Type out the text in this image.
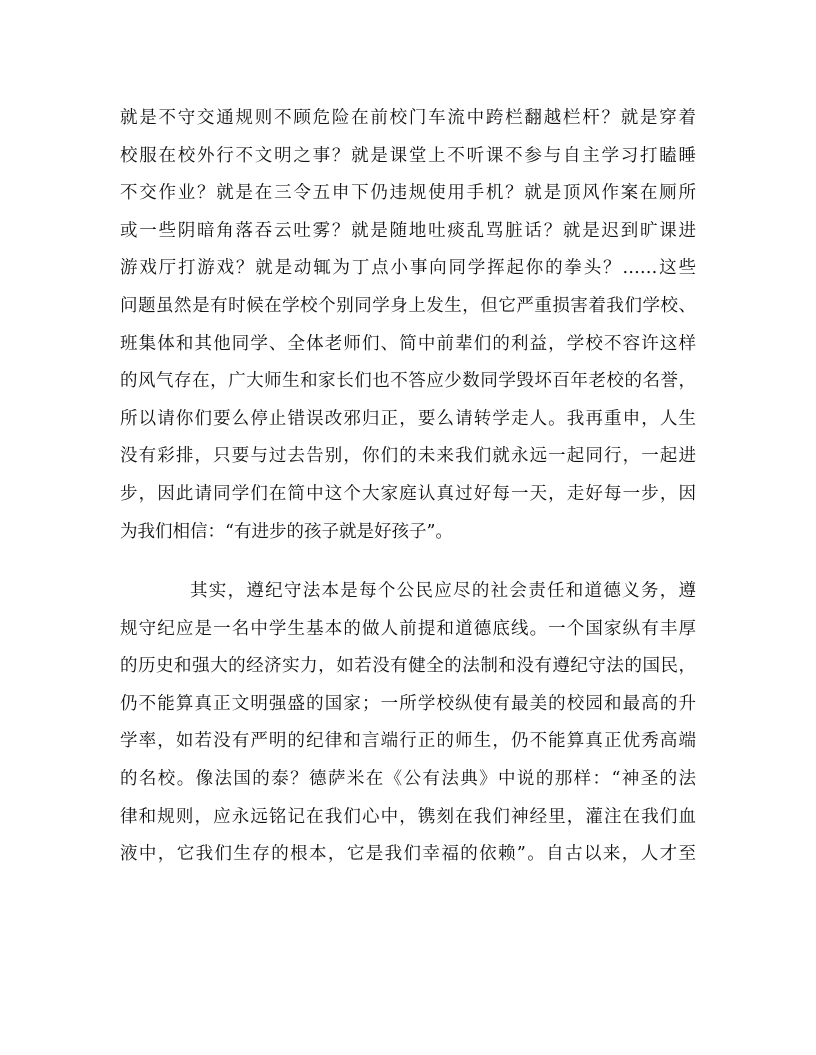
就是不守交通规则不顾危险在前校门车流中跨栏翻越栏杆？就是穿着
校服在校外行不文明之事？就是课堂上不听课不参与自主学习打瞌睡
不交作业？就是在三令五申下仍违规使用手机？就是顶风作案在厕所
或一些阴暗角落吞云吐雾？就是随地吐痰乱骂脏话？就是迟到旷课进
游戏厅打游戏？就是动辄为丁点小事向同学挥起你的拳头？……这些
问题虽然是有时候在学校个别同学身上发生，但它严重损害着我们学校、
班集体和其他同学、全体老师们、简中前辈们的利益，学校不容许这样
的风气存在，广大师生和家长们也不答应少数同学毁坏百年老校的名誉，
所以请你们要么停止错误改邪归正，要么请转学走人。我再重申，人生
没有彩排，只要与过去告别，你们的未来我们就永远一起同行，一起进
步，因此请同学们在简中这个大家庭认真过好每一天，走好每一步，因
为我们相信：“有进步的孩子就是好孩子”。
其实，遵纪守法本是每个公民应尽的社会责任和道德义务，遵
规守纪应是一名中学生基本的做人前提和道德底线。一个国家纵有丰厚
的历史和强大的经济实力，如若没有健全的法制和没有遵纪守法的国民，
仍不能算真正文明强盛的国家；一所学校纵使有最美的校园和最高的升
学率，如若没有严明的纪律和言端行正的师生，仍不能算真正优秀高端
的名校。像法国的泰？德萨米在《公有法典》中说的那样：“神圣的法
律和规则，应永远铭记在我们心中，镌刻在我们神经里，灌注在我们血
液中，它我们生存的根本，它是我们幸福的依赖”。自古以来，人才至
